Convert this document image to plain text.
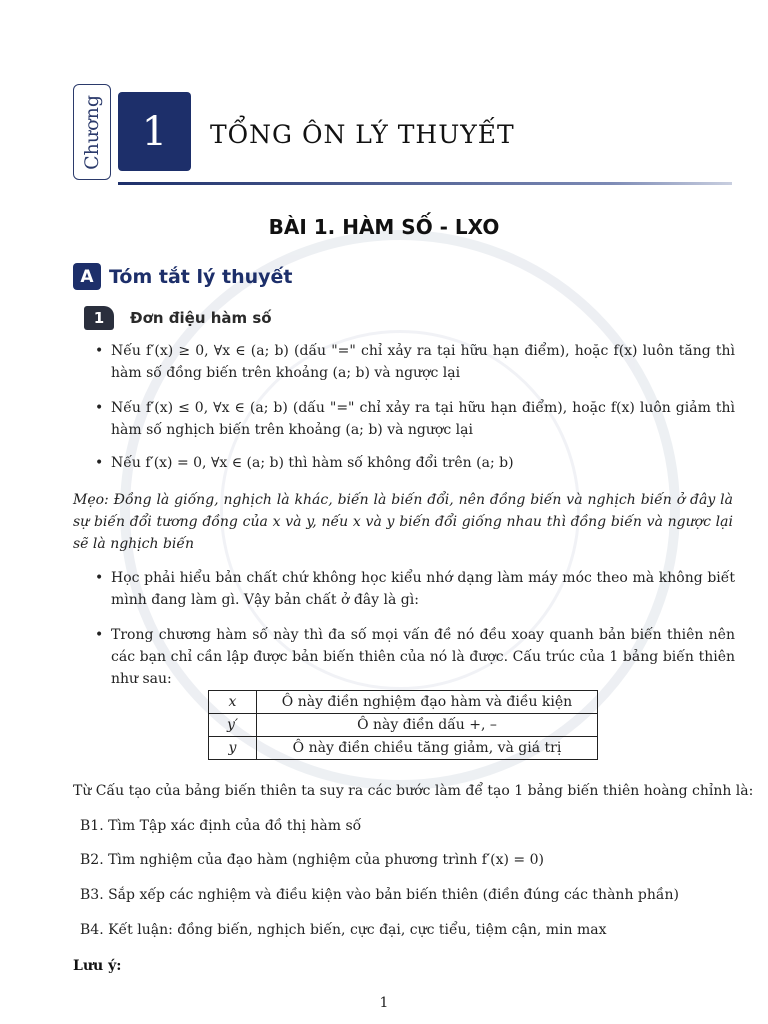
Chương 1	TỔNG ÔN LÝ THUYẾT
BÀI 1. HÀM SỐ - LXO
A Tóm tắt lý thuyết
1	Đơn điệu hàm số
• Nếu f′(x) ≥ 0, ∀x ∈ (a; b) (dấu "=" chỉ xảy ra tại hữu hạn điểm), hoặc f(x) luôn tăng thì hàm số đồng biến trên khoảng (a; b) và ngược lại
• Nếu f′(x) ≤ 0, ∀x ∈ (a; b) (dấu "=" chỉ xảy ra tại hữu hạn điểm), hoặc f(x) luôn giảm thì hàm số nghịch biến trên khoảng (a; b) và ngược lại
• Nếu f′(x) = 0, ∀x ∈ (a; b) thì hàm số không đổi trên (a; b)
Mẹo: Đồng là giống, nghịch là khác, biến là biến đổi, nên đồng biến và nghịch biến ở đây là sự biến đổi tương đồng của x và y, nếu x và y biến đổi giống nhau thì đồng biến và ngược lại sẽ là nghịch biến
• Học phải hiểu bản chất chứ không học kiểu nhớ dạng làm máy móc theo mà không biết mình đang làm gì. Vậy bản chất ở đây là gì:
• Trong chương hàm số này thì đa số mọi vấn đề nó đều xoay quanh bản biến thiên nên các bạn chỉ cần lập được bản biến thiên của nó là được. Cấu trúc của 1 bảng biến thiên như sau:
x	Ô này điền nghiệm đạo hàm và điều kiện
y′	Ô này điền dấu +, –
y	Ô này điền chiều tăng giảm, và giá trị
Từ Cấu tạo của bảng biến thiên ta suy ra các bước làm để tạo 1 bảng biến thiên hoàng chỉnh là:
B1. Tìm Tập xác định của đồ thị hàm số
B2. Tìm nghiệm của đạo hàm (nghiệm của phương trình f′(x) = 0)
B3. Sắp xếp các nghiệm và điều kiện vào bản biến thiên (điền đúng các thành phần)
B4. Kết luận: đồng biến, nghịch biến, cực đại, cực tiểu, tiệm cận, min max
Lưu ý:
1
